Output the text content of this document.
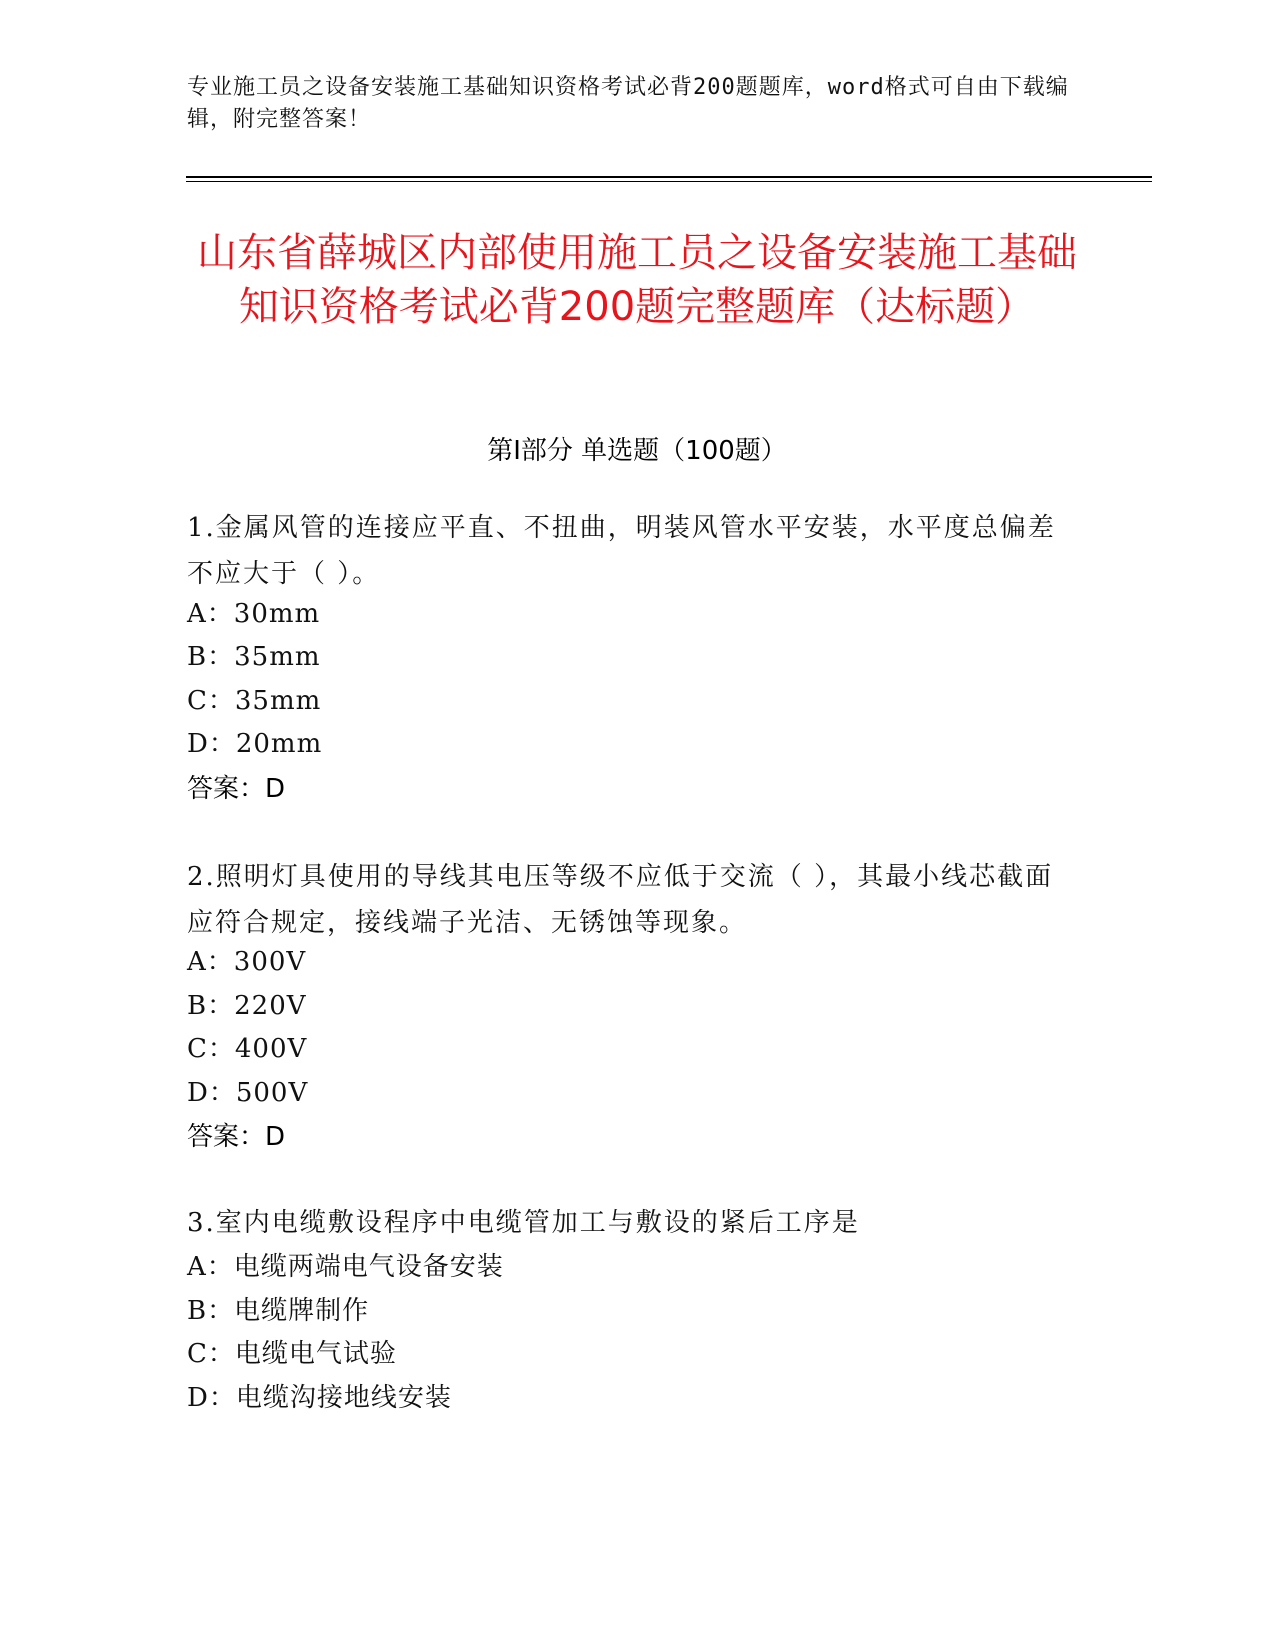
专业施工员之设备安装施工基础知识资格考试必背200题题库，word格式可自由下载编辑，附完整答案！
山东省薛城区内部使用施工员之设备安装施工基础知识资格考试必背200题完整题库（达标题）
第I部分 单选题（100题）
1.金属风管的连接应平直、不扭曲，明装风管水平安装，水平度总偏差不应大于（ ）。
A：30mm
B：35mm
C：35mm
D：20mm
答案：D
2.照明灯具使用的导线其电压等级不应低于交流（ ），其最小线芯截面应符合规定，接线端子光洁、无锈蚀等现象。
A：300V
B：220V
C：400V
D：500V
答案：D
3.室内电缆敷设程序中电缆管加工与敷设的紧后工序是
A：电缆两端电气设备安装
B：电缆牌制作
C：电缆电气试验
D：电缆沟接地线安装
